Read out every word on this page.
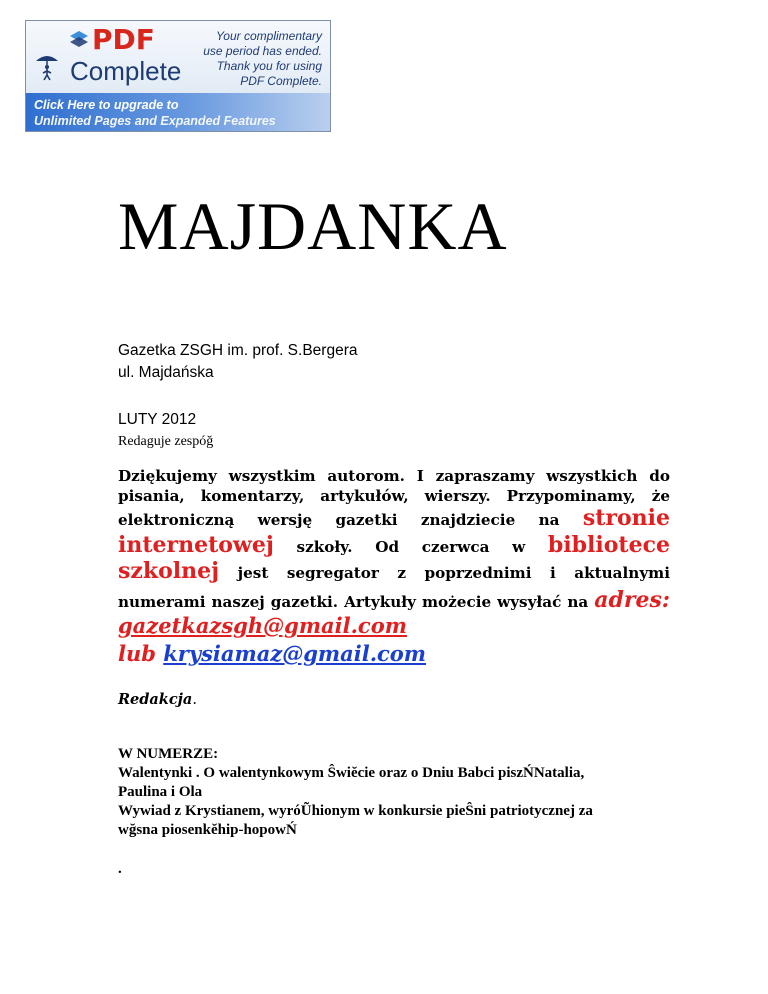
PDF
Complete
Your complimentary
use period has ended.
Thank you for using
PDF Complete.
Click Here to upgrade to
Unlimited Pages and Expanded Features
MAJDANKA
Gazetka ZSGH im. prof. S.Bergera
ul. Majdańska
LUTY 2012
Redaguje zespóğ
Dziękujemy wszystkim autorom. I zapraszamy wszystkich do
pisania, komentarzy, artykułów, wierszy. Przypominamy, że
elektroniczną wersję gazetki znajdziecie na stronie
internetowej szkoły. Od czerwca w bibliotece
szkolnej jest segregator z poprzednimi i aktualnymi
numerami naszej gazetki. Artykuły możecie wysyłać na adres:
gazetkazsgh@gmail.com
lub krysiamaz@gmail.com
Redakcja.
W NUMERZE:
Walentynki . O walentynkowym Ŝwiĕcie oraz o Dniu Babci piszŃNatalia,
Paulina i Ola
Wywiad z Krystianem, wyróŨhionym w konkursie pieŜni patriotycznej za
wğsna piosenkĕhip-hopowŃ
.
